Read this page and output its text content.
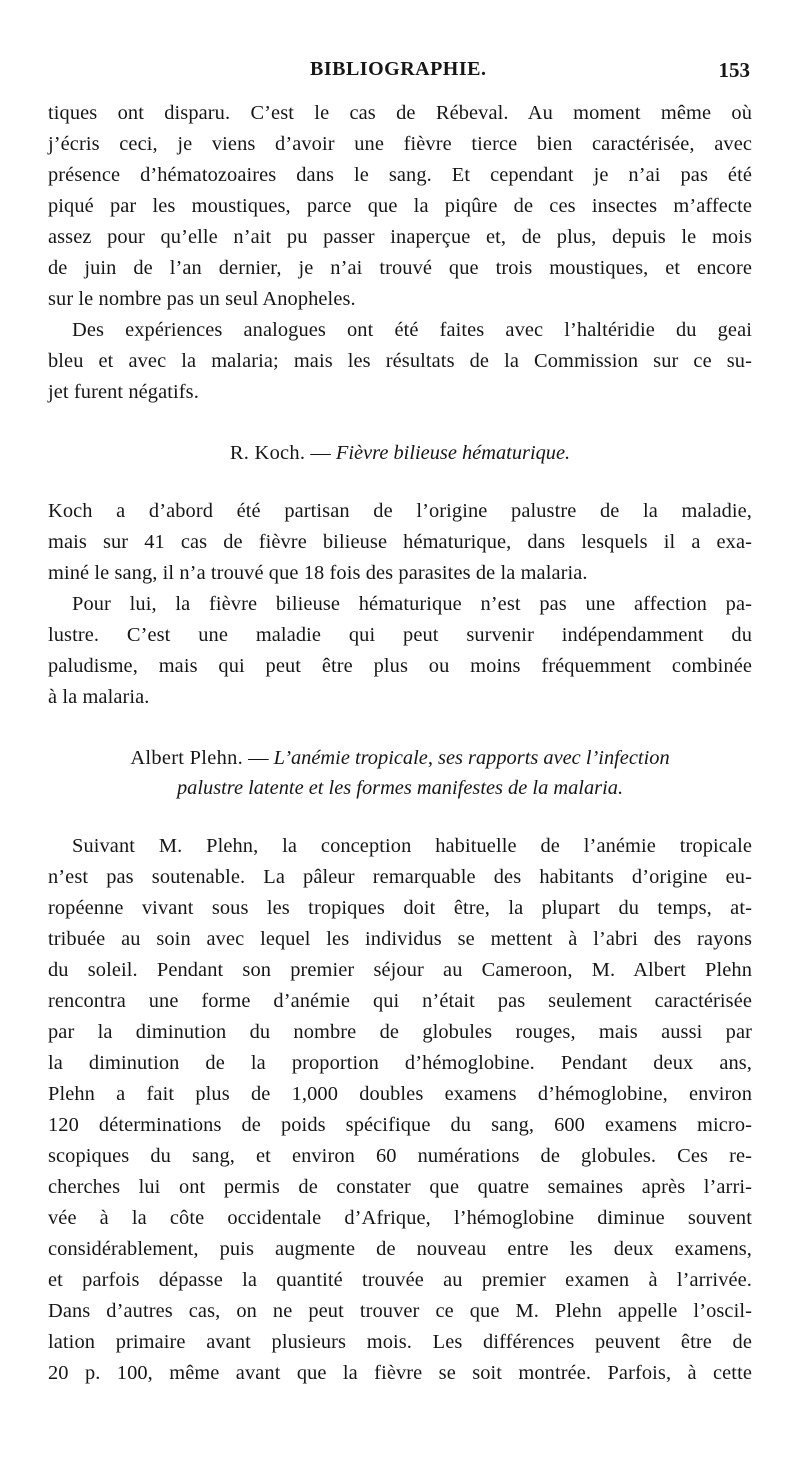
BIBLIOGRAPHIE.	153

tiques ont disparu. C’est le cas de Rébeval. Au moment même où
j’écris ceci, je viens d’avoir une fièvre tierce bien caractérisée, avec
présence d’hématozoaires dans le sang. Et cependant je n’ai pas été
piqué par les moustiques, parce que la piqûre de ces insectes m’affecte
assez pour qu’elle n’ait pu passer inaperçue et, de plus, depuis le mois
de juin de l’an dernier, je n’ai trouvé que trois moustiques, et encore
sur le nombre pas un seul Anopheles.

Des expériences analogues ont été faites avec l’haltéridie du geai
bleu et avec la malaria; mais les résultats de la Commission sur ce su-
jet furent négatifs.

R. Koch. — Fièvre bilieuse hématurique.

Koch a d’abord été partisan de l’origine palustre de la maladie,
mais sur 41 cas de fièvre bilieuse hématurique, dans lesquels il a exa-
miné le sang, il n’a trouvé que 18 fois des parasites de la malaria.

Pour lui, la fièvre bilieuse hématurique n’est pas une affection pa-
lustre. C’est une maladie qui peut survenir indépendamment du
paludisme, mais qui peut être plus ou moins fréquemment combinée
à la malaria.

Albert Plehn. — L’anémie tropicale, ses rapports avec l’infection
palustre latente et les formes manifestes de la malaria.

Suivant M. Plehn, la conception habituelle de l’anémie tropicale
n’est pas soutenable. La pâleur remarquable des habitants d’origine eu-
ropéenne vivant sous les tropiques doit être, la plupart du temps, at-
tribuée au soin avec lequel les individus se mettent à l’abri des rayons
du soleil. Pendant son premier séjour au Cameroon, M. Albert Plehn
rencontra une forme d’anémie qui n’était pas seulement caractérisée
par la diminution du nombre de globules rouges, mais aussi par
la diminution de la proportion d’hémoglobine. Pendant deux ans,
Plehn a fait plus de 1,000 doubles examens d’hémoglobine, environ
120 déterminations de poids spécifique du sang, 600 examens micro-
scopiques du sang, et environ 60 numérations de globules. Ces re-
cherches lui ont permis de constater que quatre semaines après l’arri-
vée à la côte occidentale d’Afrique, l’hémoglobine diminue souvent
considérablement, puis augmente de nouveau entre les deux examens,
et parfois dépasse la quantité trouvée au premier examen à l’arrivée.
Dans d’autres cas, on ne peut trouver ce que M. Plehn appelle l’oscil-
lation primaire avant plusieurs mois. Les différences peuvent être de
20 p. 100, même avant que la fièvre se soit montrée. Parfois, à cette
